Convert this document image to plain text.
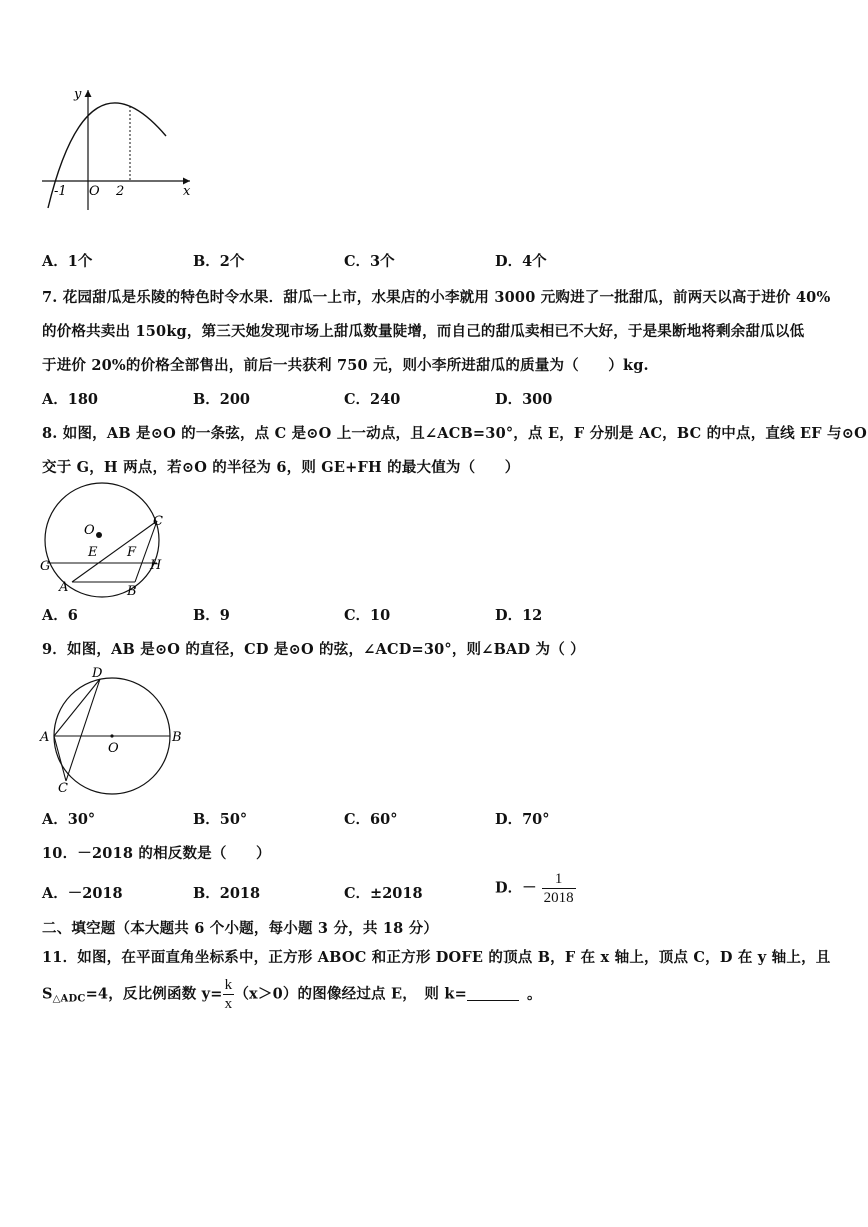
y
x
-1 O 2
A．1个	B．2个	C．3个	D．4个
7. 花园甜瓜是乐陵的特色时令水果．甜瓜一上市，水果店的小李就用 3000 元购进了一批甜瓜，前两天以高于进价 40%
的价格共卖出 150kg，第三天她发现市场上甜瓜数量陡增，而自己的甜瓜卖相已不大好，于是果断地将剩余甜瓜以低
于进价 20%的价格全部售出，前后一共获利 750 元，则小李所进甜瓜的质量为（　　）kg.
A．180	B．200	C．240	D．300
8. 如图，AB 是⊙O 的一条弦，点 C 是⊙O 上一动点，且∠ACB=30°，点 E，F 分别是 AC，BC 的中点，直线 EF 与⊙O
交于 G，H 两点，若⊙O 的半径为 6，则 GE+FH 的最大值为（　　）
O
C
E F
G	H
A	B
A．6	B．9	C．10	D．12
9．如图，AB 是⊙O 的直径，CD 是⊙O 的弦，∠ACD=30°，则∠BAD 为（ ）
D
A
O
B
C
A．30°	B．50°	C．60°	D．70°
10．－2018 的相反数是（　　）
A．－2018	B．2018	C．±2018	D．－ $\frac{1}{2018}$
二、填空题（本大题共 6 个小题，每小题 3 分，共 18 分）
11．如图，在平面直角坐标系中，正方形 ABOC 和正方形 DOFE 的顶点 B，F 在 x 轴上，顶点 C，D 在 y 轴上，且
$S_{\triangle ADC}=4$，反比例函数 $y= \frac{k}{x} (x>0)$的图像经过点 E，　则 k=	。
